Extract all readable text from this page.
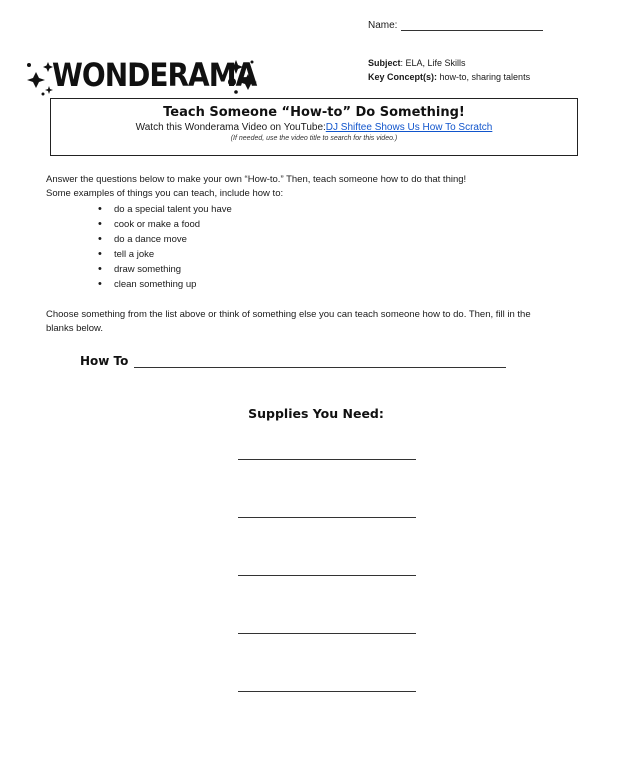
Name:
Subject: ELA, Life Skills
Key Concept(s): how-to, sharing talents
WONDERAMA
Teach Someone “How-to” Do Something!
Watch this Wonderama Video on YouTube:DJ Shiftee Shows Us How To Scratch
(If needed, use the video title to search for this video.)
Answer the questions below to make your own “How-to.” Then, teach someone how to do that thing!
Some examples of things you can teach, include how to:
• do a special talent you have
• cook or make a food
• do a dance move
• tell a joke
• draw something
• clean something up
Choose something from the list above or think of something else you can teach someone how to do. Then, fill in the
blanks below.
How To
Supplies You Need:
